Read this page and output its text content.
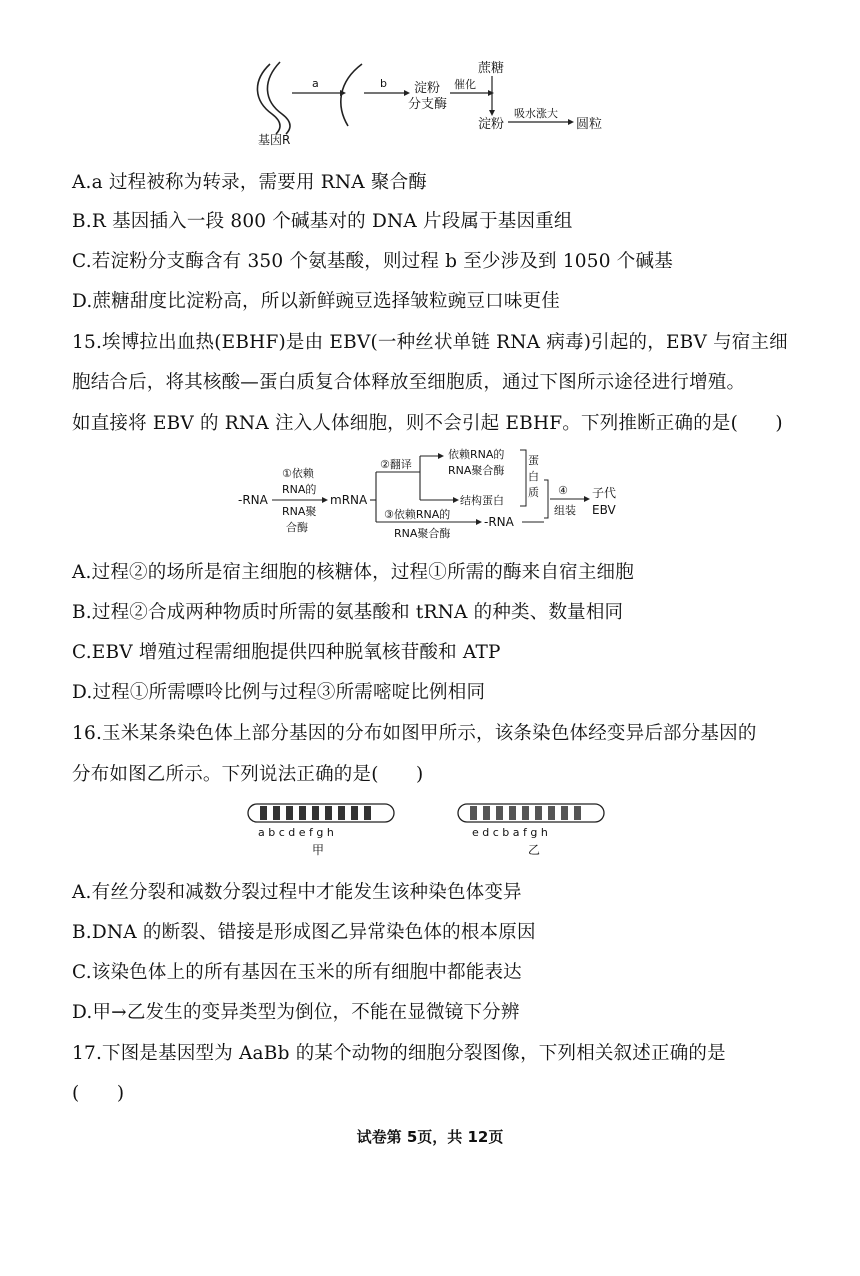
基因R
a	b 淀粉
分支酶
催化
蔗糖
淀粉
吸水涨大
圆粒
A.a 过程被称为转录，需要用 RNA 聚合酶
B.R 基因插入一段 800 个碱基对的 DNA 片段属于基因重组
C.若淀粉分支酶含有 350 个氨基酸，则过程 b 至少涉及到 1050 个碱基
D.蔗糖甜度比淀粉高，所以新鲜豌豆选择皱粒豌豆口味更佳
15.埃博拉出血热(EBHF)是由 EBV(一种丝状单链 RNA 病毒)引起的，EBV 与宿主细
胞结合后，将其核酸—蛋白质复合体释放至细胞质，通过下图所示途径进行增殖。
如直接将 EBV 的 RNA 注入人体细胞，则不会引起 EBHF。下列推断正确的是(　　)
-RNA
①依赖
RNA的
RNA聚
合酶
mRNA
②翻译
依赖RNA的
RNA聚合酶
结构蛋白
蛋
白
质
③依赖RNA的
RNA聚合酶
-RNA
④
组装
子代
EBV
A.过程②的场所是宿主细胞的核糖体，过程①所需的酶来自宿主细胞
B.过程②合成两种物质时所需的氨基酸和 tRNA 的种类、数量相同
C.EBV 增殖过程需细胞提供四种脱氧核苷酸和 ATP
D.过程①所需嘌呤比例与过程③所需嘧啶比例相同
16.玉米某条染色体上部分基因的分布如图甲所示，该条染色体经变异后部分基因的
分布如图乙所示。下列说法正确的是(　　)
a b c d e f g h
甲
e d c b a f g h
乙
A.有丝分裂和减数分裂过程中才能发生该种染色体变异
B.DNA 的断裂、错接是形成图乙异常染色体的根本原因
C.该染色体上的所有基因在玉米的所有细胞中都能表达
D.甲→乙发生的变异类型为倒位，不能在显微镜下分辨
17.下图是基因型为 AaBb 的某个动物的细胞分裂图像，下列相关叙述正确的是
(　　)
试卷第 5页，共 12页
